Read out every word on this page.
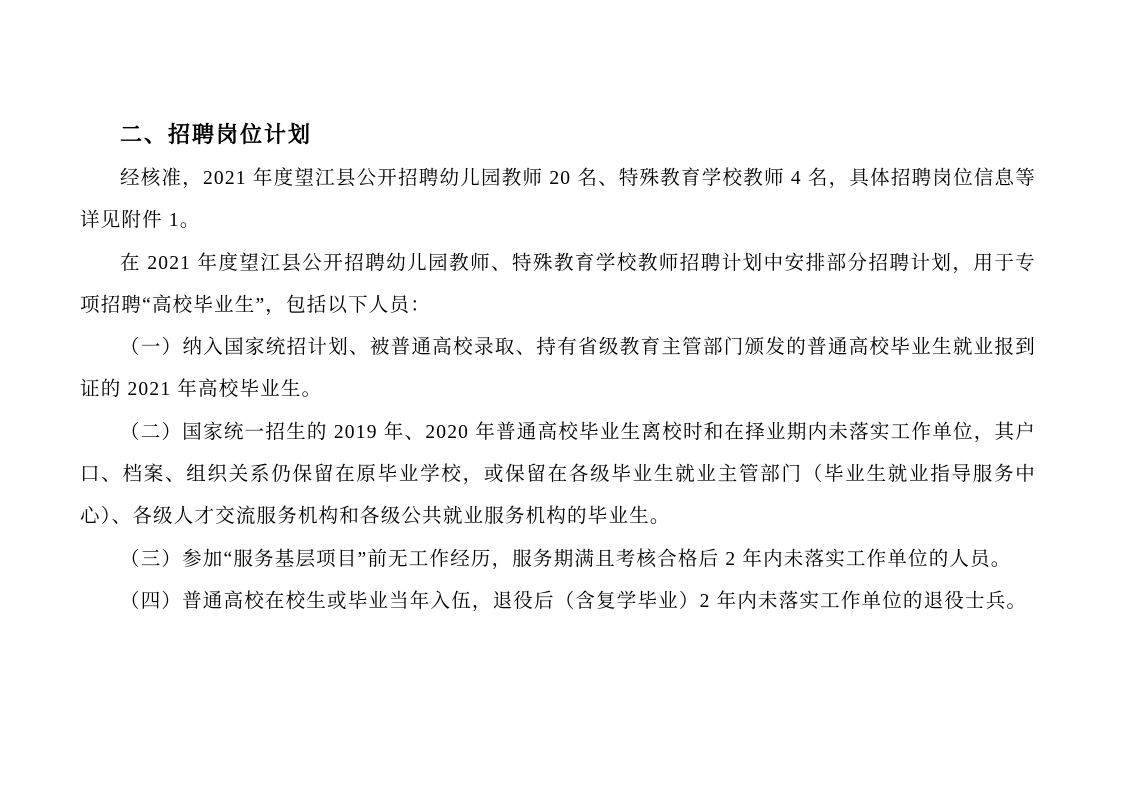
二、招聘岗位计划

经核准，2021 年度望江县公开招聘幼儿园教师 20 名、特殊教育学校教师 4 名，具体招聘岗位信息等详见附件 1。

在 2021 年度望江县公开招聘幼儿园教师、特殊教育学校教师招聘计划中安排部分招聘计划，用于专项招聘“高校毕业生”，包括以下人员：

（一）纳入国家统招计划、被普通高校录取、持有省级教育主管部门颁发的普通高校毕业生就业报到证的 2021 年高校毕业生。

（二）国家统一招生的 2019 年、2020 年普通高校毕业生离校时和在择业期内未落实工作单位，其户口、档案、组织关系仍保留在原毕业学校，或保留在各级毕业生就业主管部门（毕业生就业指导服务中心）、各级人才交流服务机构和各级公共就业服务机构的毕业生。

（三）参加“服务基层项目”前无工作经历，服务期满且考核合格后 2 年内未落实工作单位的人员。

（四）普通高校在校生或毕业当年入伍，退役后（含复学毕业）2 年内未落实工作单位的退役士兵。
